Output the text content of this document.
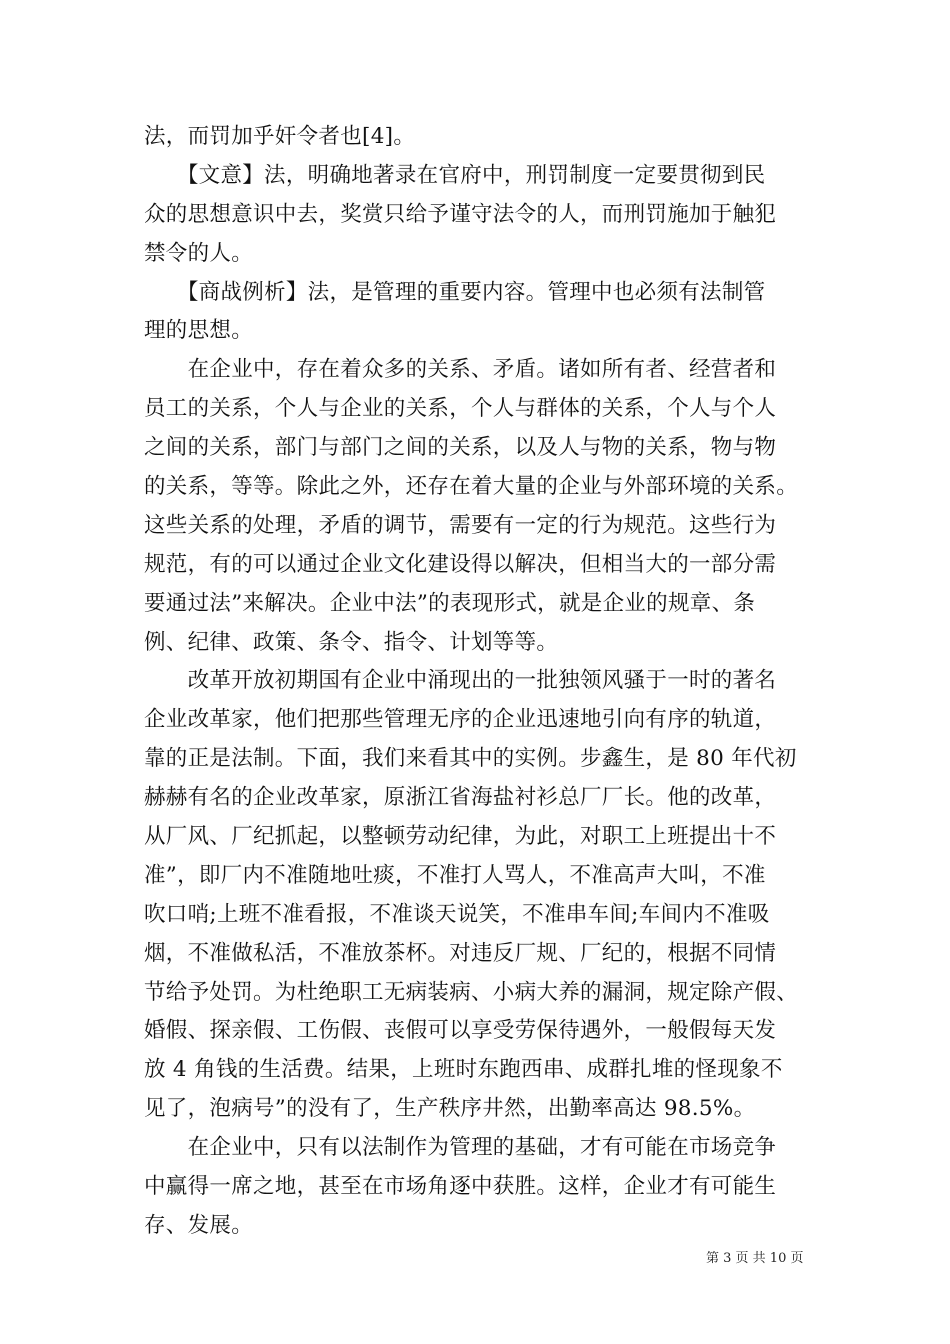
法，而罚加乎奸令者也[4]。
　　【文意】法，明确地著录在官府中，刑罚制度一定要贯彻到民
众的思想意识中去，奖赏只给予谨守法令的人，而刑罚施加于触犯
禁令的人。
　　【商战例析】法，是管理的重要内容。管理中也必须有法制管
理的思想。
　　在企业中，存在着众多的关系、矛盾。诸如所有者、经营者和
员工的关系，个人与企业的关系，个人与群体的关系，个人与个人
之间的关系，部门与部门之间的关系，以及人与物的关系，物与物
的关系，等等。除此之外，还存在着大量的企业与外部环境的关系。
这些关系的处理，矛盾的调节，需要有一定的行为规范。这些行为
规范，有的可以通过企业文化建设得以解决，但相当大的一部分需
要通过法”来解决。企业中法”的表现形式，就是企业的规章、条
例、纪律、政策、条令、指令、计划等等。
　　改革开放初期国有企业中涌现出的一批独领风骚于一时的著名
企业改革家，他们把那些管理无序的企业迅速地引向有序的轨道，
靠的正是法制。下面，我们来看其中的实例。步鑫生，是 80 年代初
赫赫有名的企业改革家，原浙江省海盐衬衫总厂厂长。他的改革，
从厂风、厂纪抓起，以整顿劳动纪律，为此，对职工上班提出十不
准”，即厂内不准随地吐痰，不准打人骂人，不准高声大叫，不准
吹口哨;上班不准看报，不准谈天说笑，不准串车间;车间内不准吸
烟，不准做私活，不准放茶杯。对违反厂规、厂纪的，根据不同情
节给予处罚。为杜绝职工无病装病、小病大养的漏洞，规定除产假、
婚假、探亲假、工伤假、丧假可以享受劳保待遇外，一般假每天发
放 4 角钱的生活费。结果，上班时东跑西串、成群扎堆的怪现象不
见了，泡病号”的没有了，生产秩序井然，出勤率高达 98.5%。
　　在企业中，只有以法制作为管理的基础，才有可能在市场竞争
中赢得一席之地，甚至在市场角逐中获胜。这样，企业才有可能生
存、发展。
第 3 页 共 10 页
